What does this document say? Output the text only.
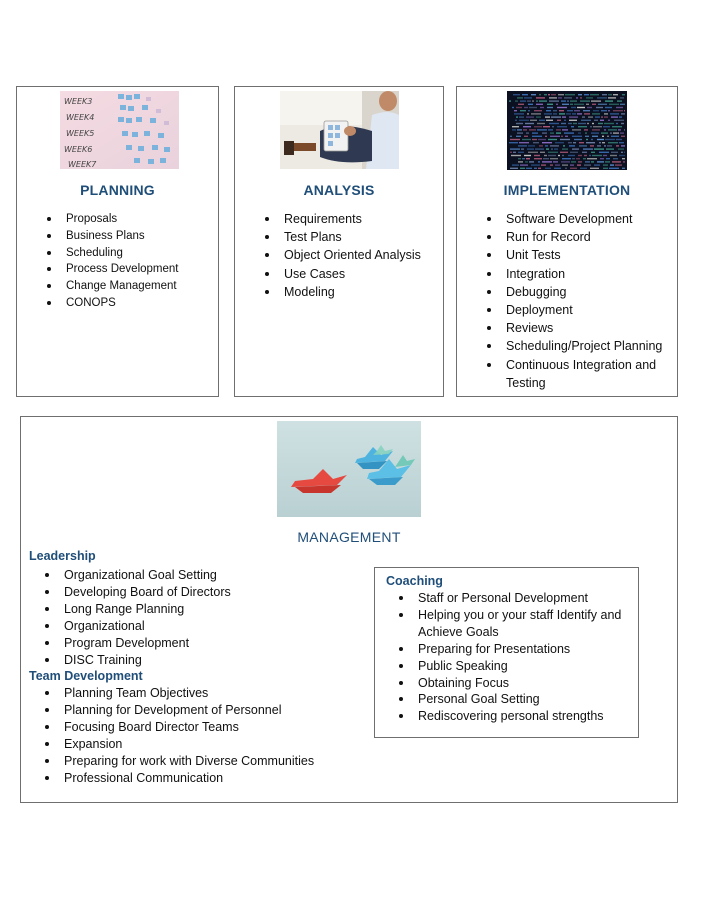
WEEK3
WEEK4
WEEK5
WEEK6
WEEK7
PLANNING
Proposals
Business Plans
Scheduling
Process Development
Change Management
CONOPS
ANALYSIS
Requirements
Test Plans
Object Oriented Analysis
Use Cases
Modeling
IMPLEMENTATION
Software Development
Run for Record
Unit Tests
Integration
Debugging
Deployment
Reviews
Scheduling/Project Planning
Continuous Integration and Testing
MANAGEMENT
Leadership
Organizational Goal Setting
Developing Board of Directors
Long Range Planning
Organizational
Program Development
DISC Training
Team Development
Planning Team Objectives
Planning for Development of Personnel
Focusing Board Director Teams
Expansion
Preparing for work with Diverse Communities
Professional Communication
Coaching
Staff or Personal Development
Helping you or your staff Identify and Achieve Goals
Preparing for Presentations
Public Speaking
Obtaining Focus
Personal Goal Setting
Rediscovering personal strengths
